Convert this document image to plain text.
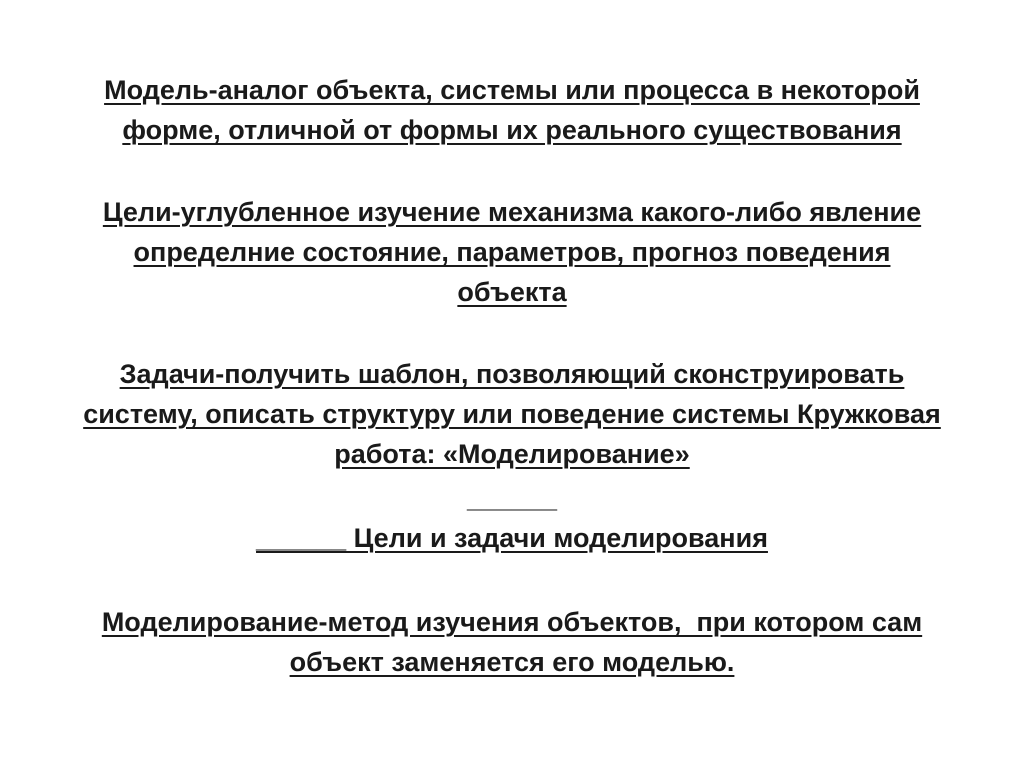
Модель-аналог объекта, системы или процесса в некоторой

форме, отличной от формы их реального существования

Цели-углубленное изучение механизма какого-либо явление

определние состояние, параметров, прогноз поведения

объекта

Задачи-получить шаблон, позволяющий сконструировать

систему, описать структуру или поведение системы Кружковая

работа: «Моделирование»

______

______ Цели и задачи моделирования

Моделирование-метод изучения объектов,  при котором сам

объект заменяется его моделью.
